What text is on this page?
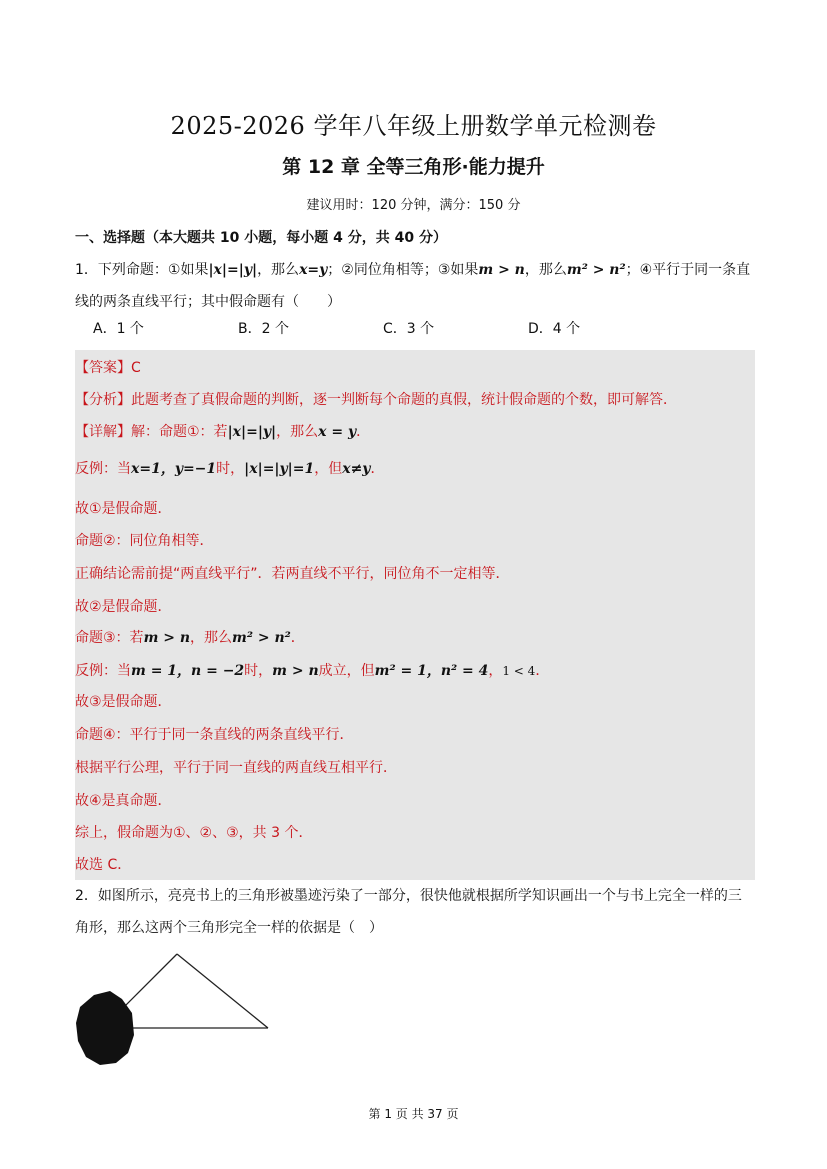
2025-2026 学年八年级上册数学单元检测卷
第 12 章 全等三角形·能力提升
建议用时：120 分钟，满分：150 分
一、选择题（本大题共 10 小题，每小题 4 分，共 40 分）
1．下列命题：①如果|x|=|y|，那么x=y；②同位角相等；③如果m > n，那么m² > n²；④平行于同一条直线的两条直线平行；其中假命题有（　　）
A．1 个	B．2 个	C．3 个	D．4 个
【答案】C
【分析】此题考查了真假命题的判断，逐一判断每个命题的真假，统计假命题的个数，即可解答．
【详解】解：命题①：若|x|=|y|，那么x = y．
反例：当x=1，y=−1时，|x|=|y|=1，但x≠y．
故①是假命题．
命题②：同位角相等．
正确结论需前提“两直线平行”．若两直线不平行，同位角不一定相等．
故②是假命题．
命题③：若m > n，那么m² > n²．
反例：当m = 1，n = −2时，m > n成立，但m² = 1，n² = 4，1 < 4．
故③是假命题．
命题④：平行于同一条直线的两条直线平行．
根据平行公理，平行于同一直线的两直线互相平行．
故④是真命题．
综上，假命题为①、②、③，共 3 个．
故选 C．
2．如图所示，亮亮书上的三角形被墨迹污染了一部分，很快他就根据所学知识画出一个与书上完全一样的三角形，那么这两个三角形完全一样的依据是（　）
第 1 页 共 37 页
